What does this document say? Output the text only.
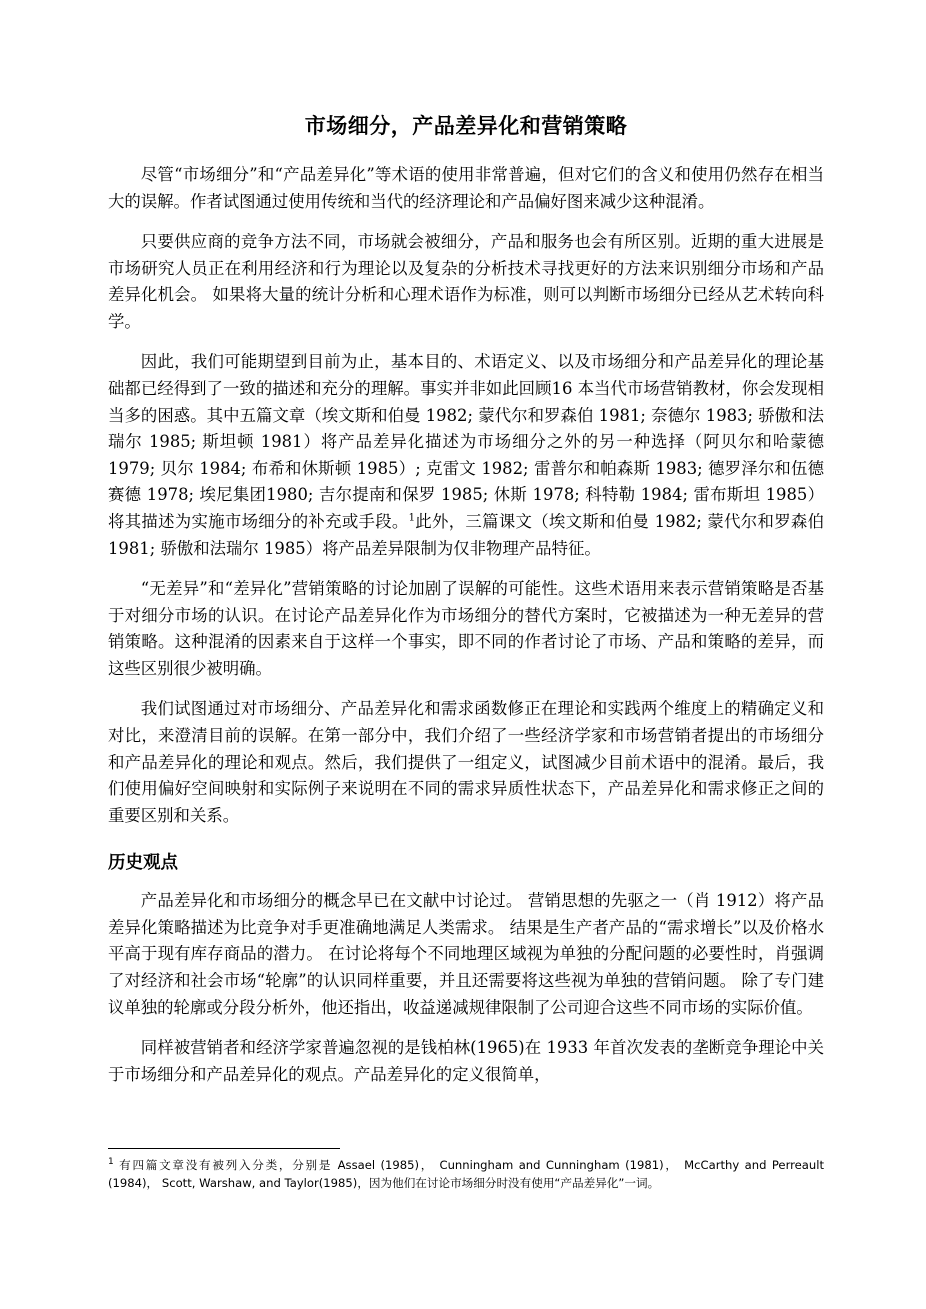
市场细分，产品差异化和营销策略

尽管“市场细分”和“产品差异化”等术语的使用非常普遍，但对它们的含义和使用仍然存在相当大的误解。作者试图通过使用传统和当代的经济理论和产品偏好图来减少这种混淆。

只要供应商的竞争方法不同，市场就会被细分，产品和服务也会有所区别。近期的重大进展是市场研究人员正在利用经济和行为理论以及复杂的分析技术寻找更好的方法来识别细分市场和产品差异化机会。 如果将大量的统计分析和心理术语作为标准，则可以判断市场细分已经从艺术转向科学。

因此，我们可能期望到目前为止，基本目的、术语定义、以及市场细分和产品差异化的理论基础都已经得到了一致的描述和充分的理解。事实并非如此回顾16 本当代市场营销教材，你会发现相当多的困惑。其中五篇文章（埃文斯和伯曼 1982; 蒙代尔和罗森伯 1981; 奈德尔 1983; 骄傲和法瑞尔 1985; 斯坦顿 1981）将产品差异化描述为市场细分之外的另一种选择（阿贝尔和哈蒙德 1979; 贝尔 1984; 布希和休斯顿 1985）; 克雷文 1982; 雷普尔和帕森斯 1983; 德罗泽尔和伍德赛德 1978; 埃尼集团1980; 吉尔提南和保罗 1985; 休斯 1978; 科特勒 1984; 雷布斯坦 1985）将其描述为实施市场细分的补充或手段。$^1$此外，三篇课文（埃文斯和伯曼 1982; 蒙代尔和罗森伯 1981; 骄傲和法瑞尔 1985）将产品差异限制为仅非物理产品特征。

“无差异”和“差异化”营销策略的讨论加剧了误解的可能性。这些术语用来表示营销策略是否基于对细分市场的认识。在讨论产品差异化作为市场细分的替代方案时，它被描述为一种无差异的营销策略。这种混淆的因素来自于这样一个事实，即不同的作者讨论了市场、产品和策略的差异，而这些区别很少被明确。

我们试图通过对市场细分、产品差异化和需求函数修正在理论和实践两个维度上的精确定义和对比，来澄清目前的误解。在第一部分中，我们介绍了一些经济学家和市场营销者提出的市场细分和产品差异化的理论和观点。然后，我们提供了一组定义，试图减少目前术语中的混淆。最后，我们使用偏好空间映射和实际例子来说明在不同的需求异质性状态下，产品差异化和需求修正之间的重要区别和关系。

历史观点

产品差异化和市场细分的概念早已在文献中讨论过。 营销思想的先驱之一（肖 1912）将产品差异化策略描述为比竞争对手更准确地满足人类需求。 结果是生产者产品的“需求增长”以及价格水平高于现有库存商品的潜力。 在讨论将每个不同地理区域视为单独的分配问题的必要性时，肖强调了对经济和社会市场“轮廓”的认识同样重要，并且还需要将这些视为单独的营销问题。 除了专门建议单独的轮廓或分段分析外，他还指出，收益递减规律限制了公司迎合这些不同市场的实际价值。

同样被营销者和经济学家普遍忽视的是钱柏林(1965)在 1933 年首次发表的垄断竞争理论中关于市场细分和产品差异化的观点。产品差异化的定义很简单，

$^1$ 有四篇文章没有被列入分类，分别是 Assael (1985)， Cunningham and Cunningham (1981)， McCarthy and Perreault (1984)， Scott, Warshaw, and Taylor(1985)，因为他们在讨论市场细分时没有使用“产品差异化”一词。
